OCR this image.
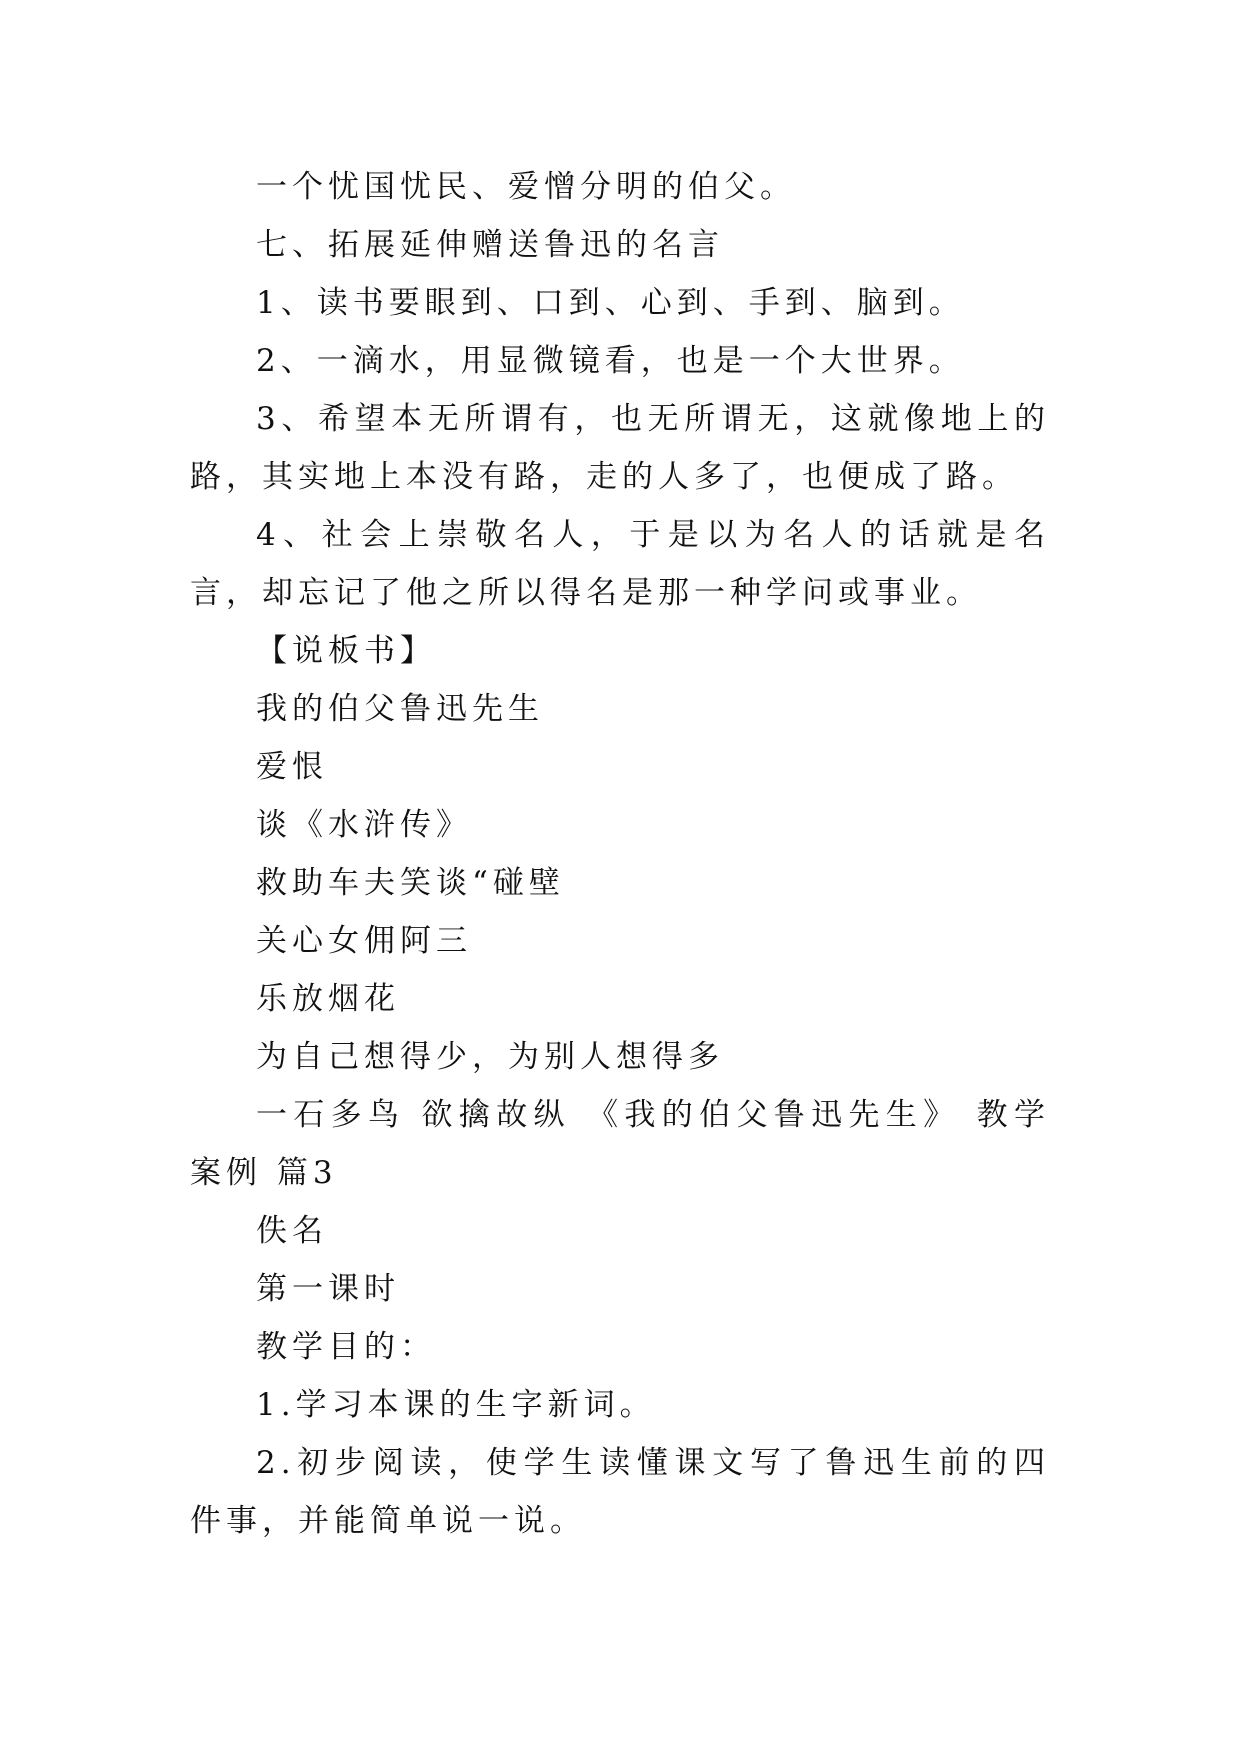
一个忧国忧民、爱憎分明的伯父。

七、拓展延伸赠送鲁迅的名言

1、读书要眼到、口到、心到、手到、脑到。

2、一滴水，用显微镜看，也是一个大世界。

3、希望本无所谓有，也无所谓无，这就像地上的路，其实地上本没有路，走的人多了，也便成了路。

4、社会上崇敬名人，于是以为名人的话就是名言，却忘记了他之所以得名是那一种学问或事业。

【说板书】

我的伯父鲁迅先生

爱恨

谈《水浒传》

救助车夫笑谈“碰壁

关心女佣阿三

乐放烟花

为自己想得少，为别人想得多

一石多鸟 欲擒故纵 《我的伯父鲁迅先生》 教学案例 篇3

佚名

第一课时

教学目的：

1.学习本课的生字新词。

2.初步阅读，使学生读懂课文写了鲁迅生前的四件事，并能简单说一说。
